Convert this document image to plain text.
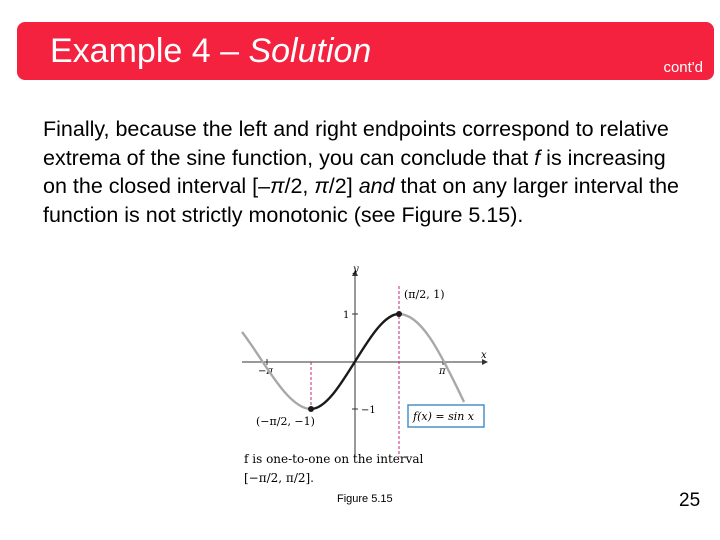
Example 4 – Solution	cont'd
Finally, because the left and right endpoints correspond to relative extrema of the sine function, you can conclude that f is increasing on the closed interval [–π/2, π/2] and that on any larger interval the function is not strictly monotonic (see Figure 5.15).
y
x
1
−1
−π	π
(π/2, 1)
(−π/2, −1)	f(x) = sin x
f is one-to-one on the interval
[−π/2, π/2].
Figure 5.15	25
